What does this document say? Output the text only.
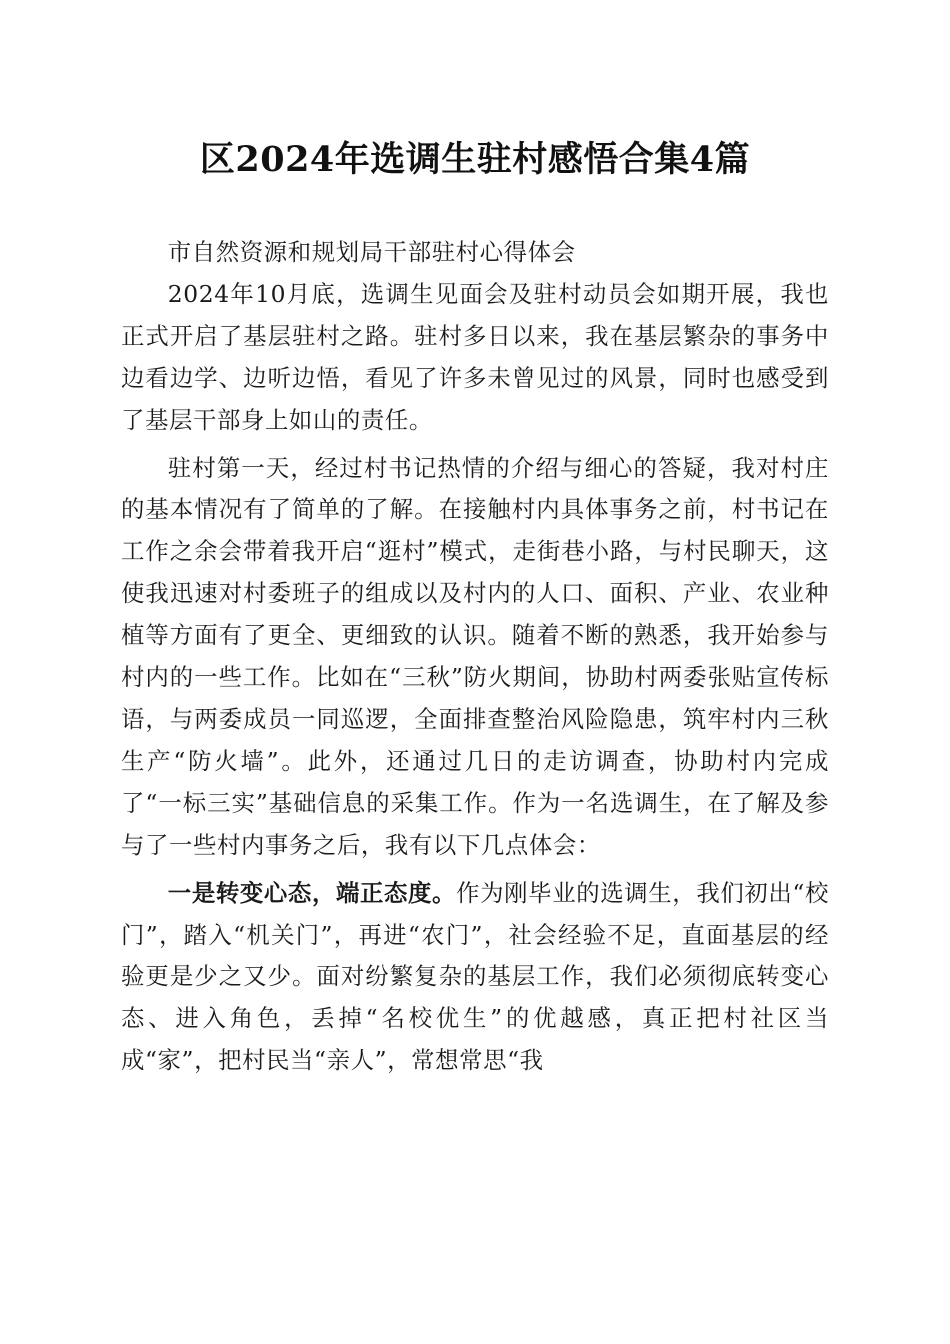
区2024年选调生驻村感悟合集4篇

市自然资源和规划局干部驻村心得体会

2024年10月底，选调生见面会及驻村动员会如期开展，我也正式开启了基层驻村之路。驻村多日以来，我在基层繁杂的事务中边看边学、边听边悟，看见了许多未曾见过的风景，同时也感受到了基层干部身上如山的责任。

驻村第一天，经过村书记热情的介绍与细心的答疑，我对村庄的基本情况有了简单的了解。在接触村内具体事务之前，村书记在工作之余会带着我开启“逛村”模式，走街巷小路，与村民聊天，这使我迅速对村委班子的组成以及村内的人口、面积、产业、农业种植等方面有了更全、更细致的认识。随着不断的熟悉，我开始参与村内的一些工作。比如在“三秋”防火期间，协助村两委张贴宣传标语，与两委成员一同巡逻，全面排查整治风险隐患，筑牢村内三秋生产“防火墙”。此外，还通过几日的走访调查，协助村内完成了“一标三实”基础信息的采集工作。作为一名选调生，在了解及参与了一些村内事务之后，我有以下几点体会：

一是转变心态，端正态度。作为刚毕业的选调生，我们初出“校门”，踏入“机关门”，再进“农门”，社会经验不足，直面基层的经验更是少之又少。面对纷繁复杂的基层工作，我们必须彻底转变心态、进入角色，丢掉“名校优生”的优越感，真正把村社区当成“家”，把村民当“亲人”，常想常思“我
